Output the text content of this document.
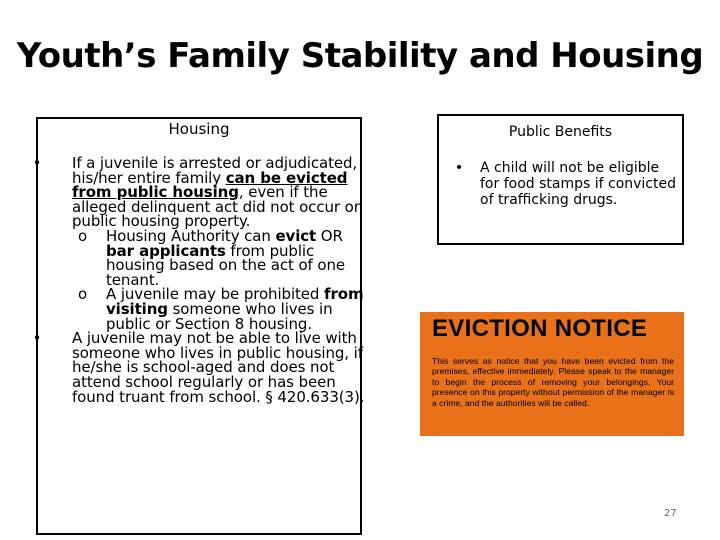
Youth’s Family Stability and Housing
Housing
• If a juvenile is arrested or adjudicated, his/her entire family can be evicted from public housing, even if the alleged delinquent act did not occur on public housing property.
o Housing Authority can evict OR bar applicants from public housing based on the act of one tenant.
o A juvenile may be prohibited from visiting someone who lives in public or Section 8 housing.
• A juvenile may not be able to live with someone who lives in public housing, if he/she is school-aged and does not attend school regularly or has been found truant from school. § 420.633(3).
Public Benefits
• A child will not be eligible for food stamps if convicted of trafficking drugs.
EVICTION NOTICE
This serves as notice that you have been evicted from the premises, effective immediately. Please speak to the manager to begin the process of removing your belongings. Your presence on this property without permission of the manager is a crime, and the authorities will be called.
27
